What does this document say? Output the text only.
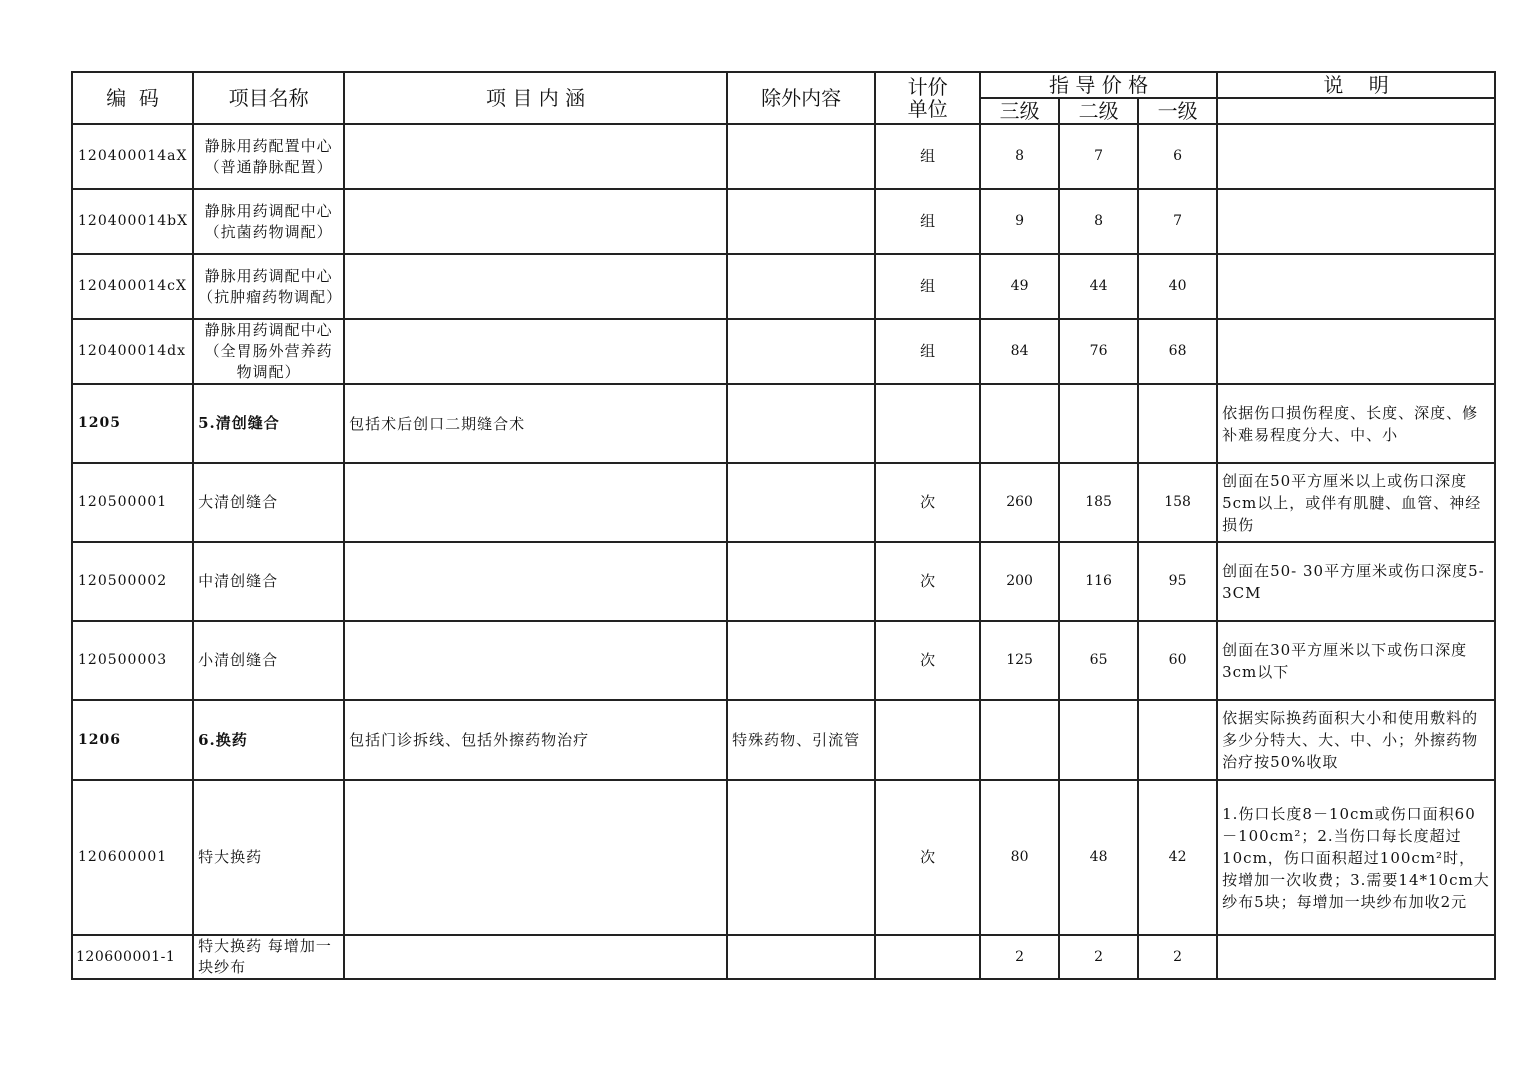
编  码	项目名称	项 目 内 涵	除外内容	计价单位	指 导 价 格			说    明
					三级	二级	一级	
120400014aX	静脉用药配置中心（普通静脉配置）			组	8	7	6	
120400014bX	静脉用药调配中心（抗菌药物调配）			组	9	8	7	
120400014cX	静脉用药调配中心（抗肿瘤药物调配）			组	49	44	40	
120400014dx	静脉用药调配中心（全胃肠外营养药物调配）			组	84	76	68	
1205	5.清创缝合	包括术后创口二期缝合术						依据伤口损伤程度、长度、深度、修补难易程度分大、中、小
120500001	大清创缝合			次	260	185	158	创面在50平方厘米以上或伤口深度5cm以上，或伴有肌腱、血管、神经损伤
120500002	中清创缝合			次	200	116	95	创面在50- 30平方厘米或伤口深度5-3CM
120500003	小清创缝合			次	125	65	60	创面在30平方厘米以下或伤口深度3cm以下
1206	6.换药	包括门诊拆线、包括外擦药物治疗	特殊药物、引流管					依据实际换药面积大小和使用敷料的 多少分特大、大、中、小；外擦药物 治疗按50%收取
120600001	特大换药			次	80	48	42	1.伤口长度8－10cm或伤口面积60－100cm²；2.当伤口每长度超过10cm，伤口面积超过100cm²时，按增加一次收费；3.需要14*10cm大纱布5块；每增加一块纱布加收2元
120600001-1	特大换药 每增加一块纱布				2	2	2	
